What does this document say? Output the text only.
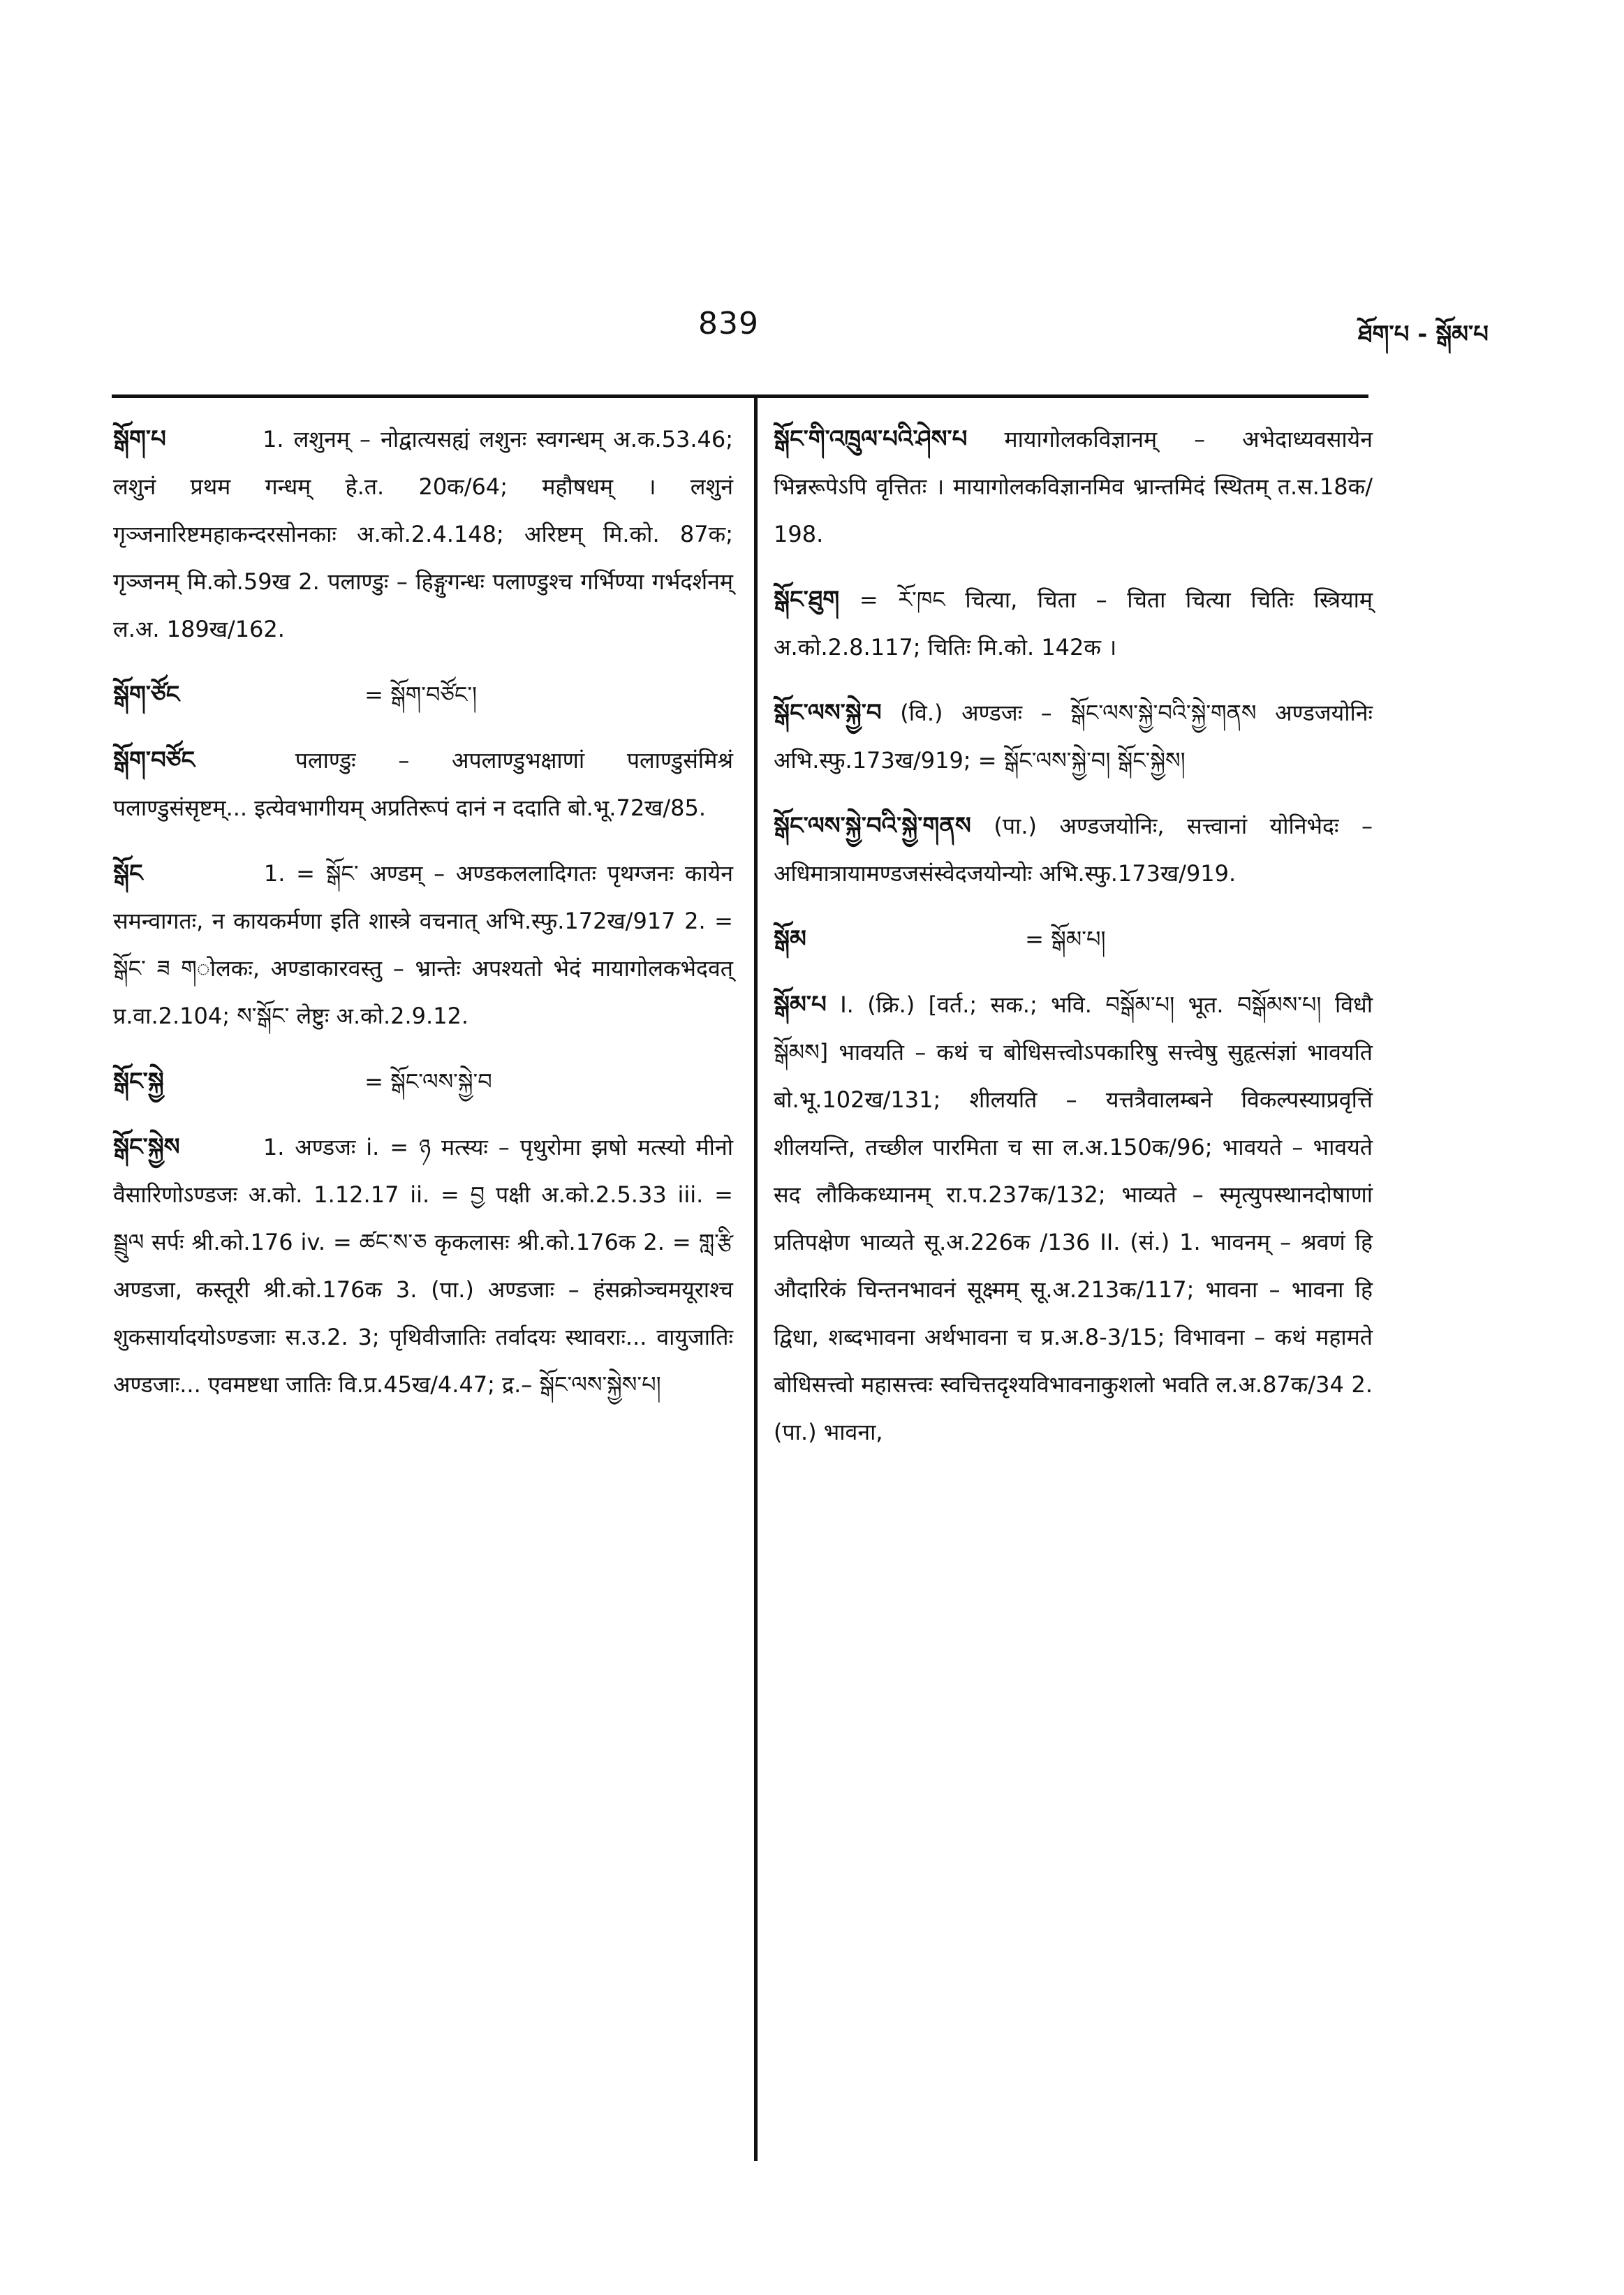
839	ཐོག་པ - སྒོམ་པ
སྒོག་པ	1. लशुनम् – नोद्वात्यसह्यं लशुनः स्वगन्धम् अ.क.53.46; लशुनं प्रथम गन्धम् हे.त. 20क/64; महौषधम् । लशुनं गृञ्जनारिष्टमहाकन्दरसोनकाः अ.को.2.4.148; अरिष्टम् मि.को. 87क; गृञ्जनम् मि.को.59ख 2. पलाण्डुः – हिङ्गुगन्धः पलाण्डुश्च गर्भिण्या गर्भदर्शनम् ल.अ. 189ख/162.
སྒོག་ཙོང	= སྒོག་བཙོང་།
སྒོག་བཙོང	पलाण्डुः – अपलाण्डुभक्षाणां पलाण्डुसंमिश्रं पलाण्डुसंसृष्टम्... इत्येवभागीयम् अप्रतिरूपं दानं न ददाति बो.भू.72ख/85.
སྒོང	1. = སྒོང་ अण्डम् – अण्डकललादिगतः पृथग्जनः कायेन समन्वागतः, न कायकर्मणा इति शास्त्रे वचनात् अभि.स्फु.172ख/917 2. = སྒོང་ ཟ གोलकः, अण्डाकारवस्तु – भ्रान्तेः अपश्यतो भेदं मायागोलकभेदवत् प्र.वा.2.104; ས་སྒོང་ लेष्टुः अ.को.2.9.12.
སྒོང་སྐྱེ	= སྒོང་ལས་སྐྱེ་བ
སྒོང་སྐྱེས	1. अण्डजः i. = ཉ मत्स्यः – पृथुरोमा झषो मत्स्यो मीनो वैसारिणोऽण्डजः अ.को. 1.12.17 ii. = བྱ पक्षी अ.को.2.5.33 iii. = སྦྲུལ सर्पः श्री.को.176 iv. = ཚང་ས་ཅ कृकलासः श्री.को.176क 2. = གླ་རྩི अण्डजा, कस्तूरी श्री.को.176क 3. (पा.) अण्डजाः – हंसक्रोञ्चमयूराश्च शुकसार्यादयोऽण्डजाः स.उ.2. 3; पृथिवीजातिः तर्वादयः स्थावराः... वायुजातिः अण्डजाः... एवमष्टधा जातिः वि.प्र.45ख/4.47; द्र.– སྒོང་ལས་སྐྱེས་པ།
སྒོང་གི་འཁྲུལ་པའི་ཤེས་པ मायागोलकविज्ञानम् – अभेदाध्यवसायेन भिन्नरूपेऽपि वृत्तितः । मायागोलकविज्ञानमिव भ्रान्तमिदं स्थितम् त.स.18क/ 198.
སྒོང་ཐུག = རོ་ཁང चित्या, चिता – चिता चित्या चितिः स्त्रियाम् अ.को.2.8.117; चितिः मि.को. 142क ।
སྒོང་ལས་སྐྱེ་བ (वि.) अण्डजः – སྒོང་ལས་སྐྱེ་བའི་སྐྱེ་གནས अण्डजयोनिः अभि.स्फु.173ख/919; = སྒོང་ལས་སྐྱེ་བ། སྒོང་སྐྱེས།
སྒོང་ལས་སྐྱེ་བའི་སྐྱེ་གནས (पा.) अण्डजयोनिः, सत्त्वानां योनिभेदः – अधिमात्रायामण्डजसंस्वेदजयोन्योः अभि.स्फु.173ख/919.
སྒོམ	= སྒོམ་པ།
སྒོམ་པ I. (क्रि.) [वर्त.; सक.; भवि. བསྒོམ་པ། भूत. བསྒོམས་པ། विधौ སྒོམས] भावयति – कथं च बोधिसत्त्वोऽपकारिषु सत्त्वेषु सुहृत्संज्ञां भावयति बो.भू.102ख/131; शीलयति – यत्तत्रैवालम्बने विकल्पस्याप्रवृत्तिं शीलयन्ति, तच्छील पारमिता च सा ल.अ.150क/96; भावयते – भावयते सद लौकिकध्यानम् रा.प.237क/132; भाव्यते – स्मृत्युपस्थानदोषाणां प्रतिपक्षेण भाव्यते सू.अ.226क /136 II. (सं.) 1. भावनम् – श्रवणं हि औदारिकं चिन्तनभावनं सूक्ष्मम् सू.अ.213क/117; भावना – भावना हि द्विधा, शब्दभावना अर्थभावना च प्र.अ.8-3/15; विभावना – कथं महामते बोधिसत्त्वो महासत्त्वः स्वचित्तदृश्यविभावनाकुशलो भवति ल.अ.87क/34 2. (पा.) भावना,
